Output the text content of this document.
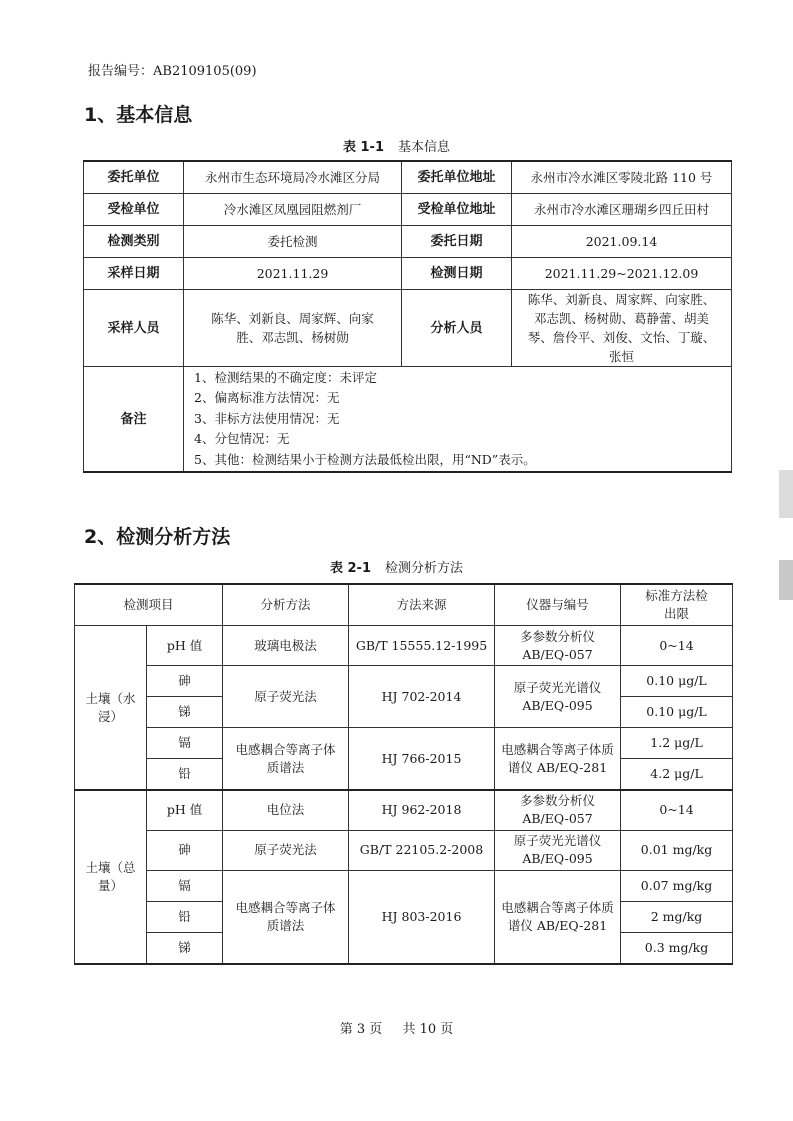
报告编号：AB2109105(09)
1、基本信息
表 1-1 基本信息
委托单位	永州市生态环境局冷水滩区分局	委托单位地址	永州市冷水滩区零陵北路 110 号
受检单位	冷水滩区凤凰园阻燃剂厂	受检单位地址	永州市冷水滩区珊瑚乡四丘田村
检测类别	委托检测	委托日期	2021.09.14
采样日期	2021.11.29	检测日期	2021.11.29~2021.12.09
采样人员	陈华、刘新良、周家辉、向家胜、邓志凯、杨树勋	分析人员	陈华、刘新良、周家辉、向家胜、邓志凯、杨树勋、葛静蕾、胡美琴、詹伶平、刘俊、文怡、丁璇、张恒
备注	1、检测结果的不确定度：未评定
2、偏离标准方法情况：无
3、非标方法使用情况：无
4、分包情况：无
5、其他：检测结果小于检测方法最低检出限，用“ND”表示。		
2、检测分析方法
表 2-1 检测分析方法
检测项目		分析方法	方法来源	仪器与编号	标准方法检出限
土壤（水浸）	pH 值	玻璃电极法	GB/T 15555.12-1995	多参数分析仪 AB/EQ-057	0~14
	砷	原子荧光法	HJ 702-2014	原子荧光光谱仪 AB/EQ-095	0.10 μg/L
	锑				0.10 μg/L
	镉	电感耦合等离子体质谱法	HJ 766-2015	电感耦合等离子体质谱仪 AB/EQ-281	1.2 μg/L
	铅				4.2 μg/L
土壤（总量）	pH 值	电位法	HJ 962-2018	多参数分析仪 AB/EQ-057	0~14
	砷	原子荧光法	GB/T 22105.2-2008	原子荧光光谱仪 AB/EQ-095	0.01 mg/kg
	镉	电感耦合等离子体质谱法	HJ 803-2016	电感耦合等离子体质谱仪 AB/EQ-281	0.07 mg/kg
	铅				2 mg/kg
	锑				0.3 mg/kg
第 3 页 共 10 页
